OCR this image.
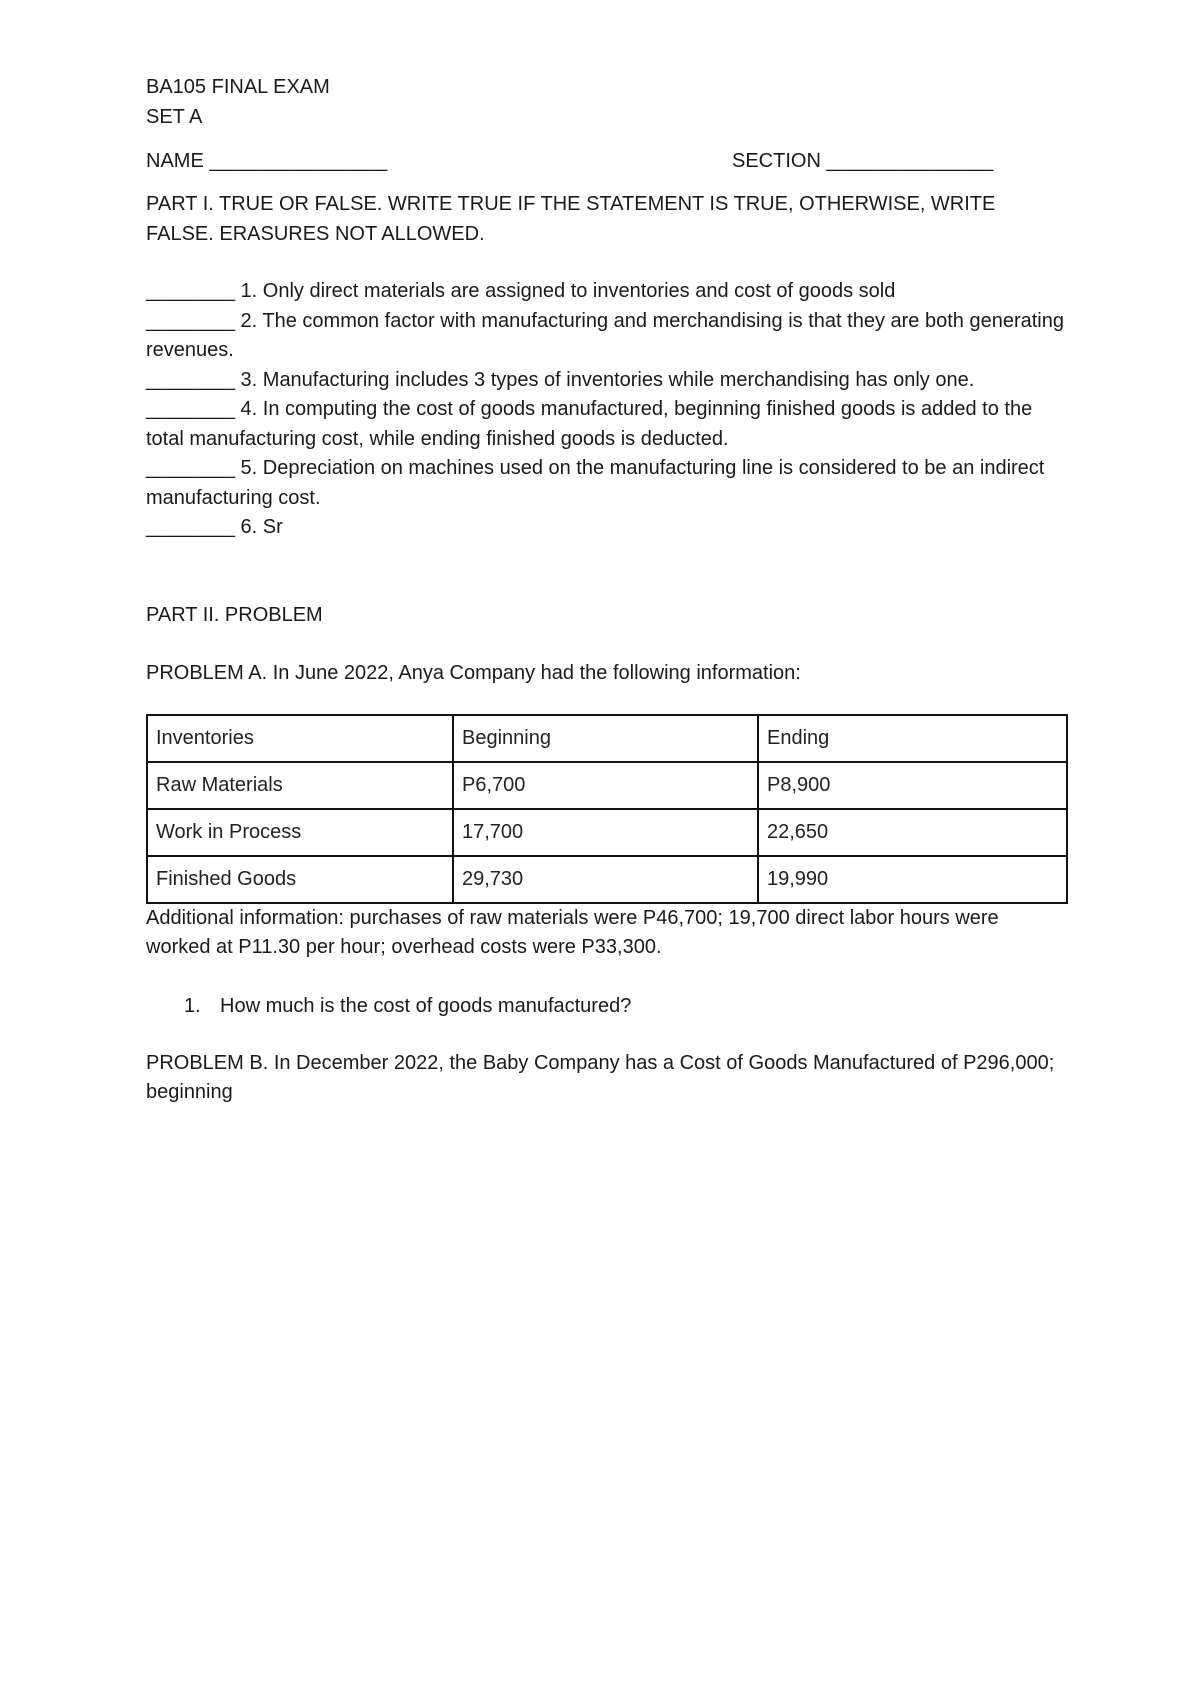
BA105 FINAL EXAM
SET A
NAME ________________	SECTION _______________
PART I. TRUE OR FALSE. WRITE TRUE IF THE STATEMENT IS TRUE, OTHERWISE, WRITE FALSE. ERASURES NOT ALLOWED.
________ 1. Only direct materials are assigned to inventories and cost of goods sold
________ 2. The common factor with manufacturing and merchandising is that they are both generating revenues.
________ 3. Manufacturing includes 3 types of inventories while merchandising has only one.
________ 4. In computing the cost of goods manufactured, beginning finished goods is added to the total manufacturing cost, while ending finished goods is deducted.
________ 5. Depreciation on machines used on the manufacturing line is considered to be an indirect manufacturing cost.
________ 6. Sr
PART II. PROBLEM
PROBLEM A. In June 2022, Anya Company had the following information:
Inventories	Beginning	Ending
Raw Materials	P6,700	P8,900
Work in Process	17,700	22,650
Finished Goods	29,730	19,990
Additional information: purchases of raw materials were P46,700; 19,700 direct labor hours were worked at P11.30 per hour; overhead costs were P33,300.
1. How much is the cost of goods manufactured?
PROBLEM B. In December 2022, the Baby Company has a Cost of Goods Manufactured of P296,000; beginning
